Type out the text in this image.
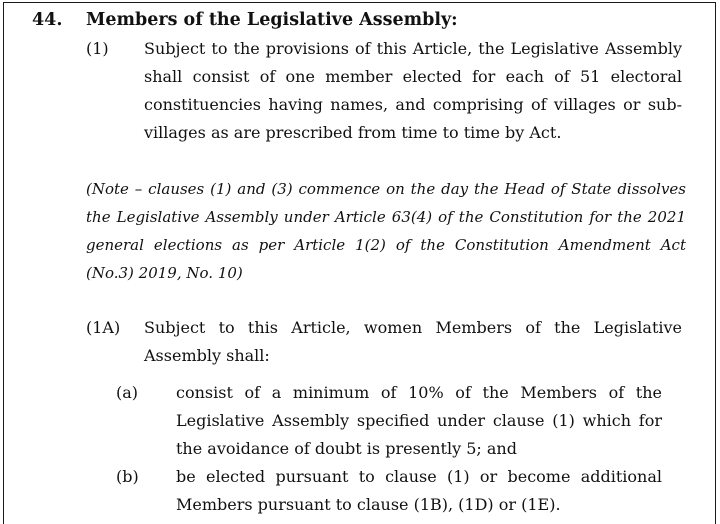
44. Members of the Legislative Assembly:
(1) Subject to the provisions of this Article, the Legislative Assembly shall consist of one member elected for each of 51 electoral constituencies having names, and comprising of villages or sub-villages as are prescribed from time to time by Act.

(Note – clauses (1) and (3) commence on the day the Head of State dissolves the Legislative Assembly under Article 63(4) of the Constitution for the 2021 general elections as per Article 1(2) of the Constitution Amendment Act (No.3) 2019, No. 10)

(1A) Subject to this Article, women Members of the Legislative Assembly shall:

(a) consist of a minimum of 10% of the Members of the Legislative Assembly specified under clause (1) which for the avoidance of doubt is presently 5; and

(b) be elected pursuant to clause (1) or become additional Members pursuant to clause (1B), (1D) or (1E).
